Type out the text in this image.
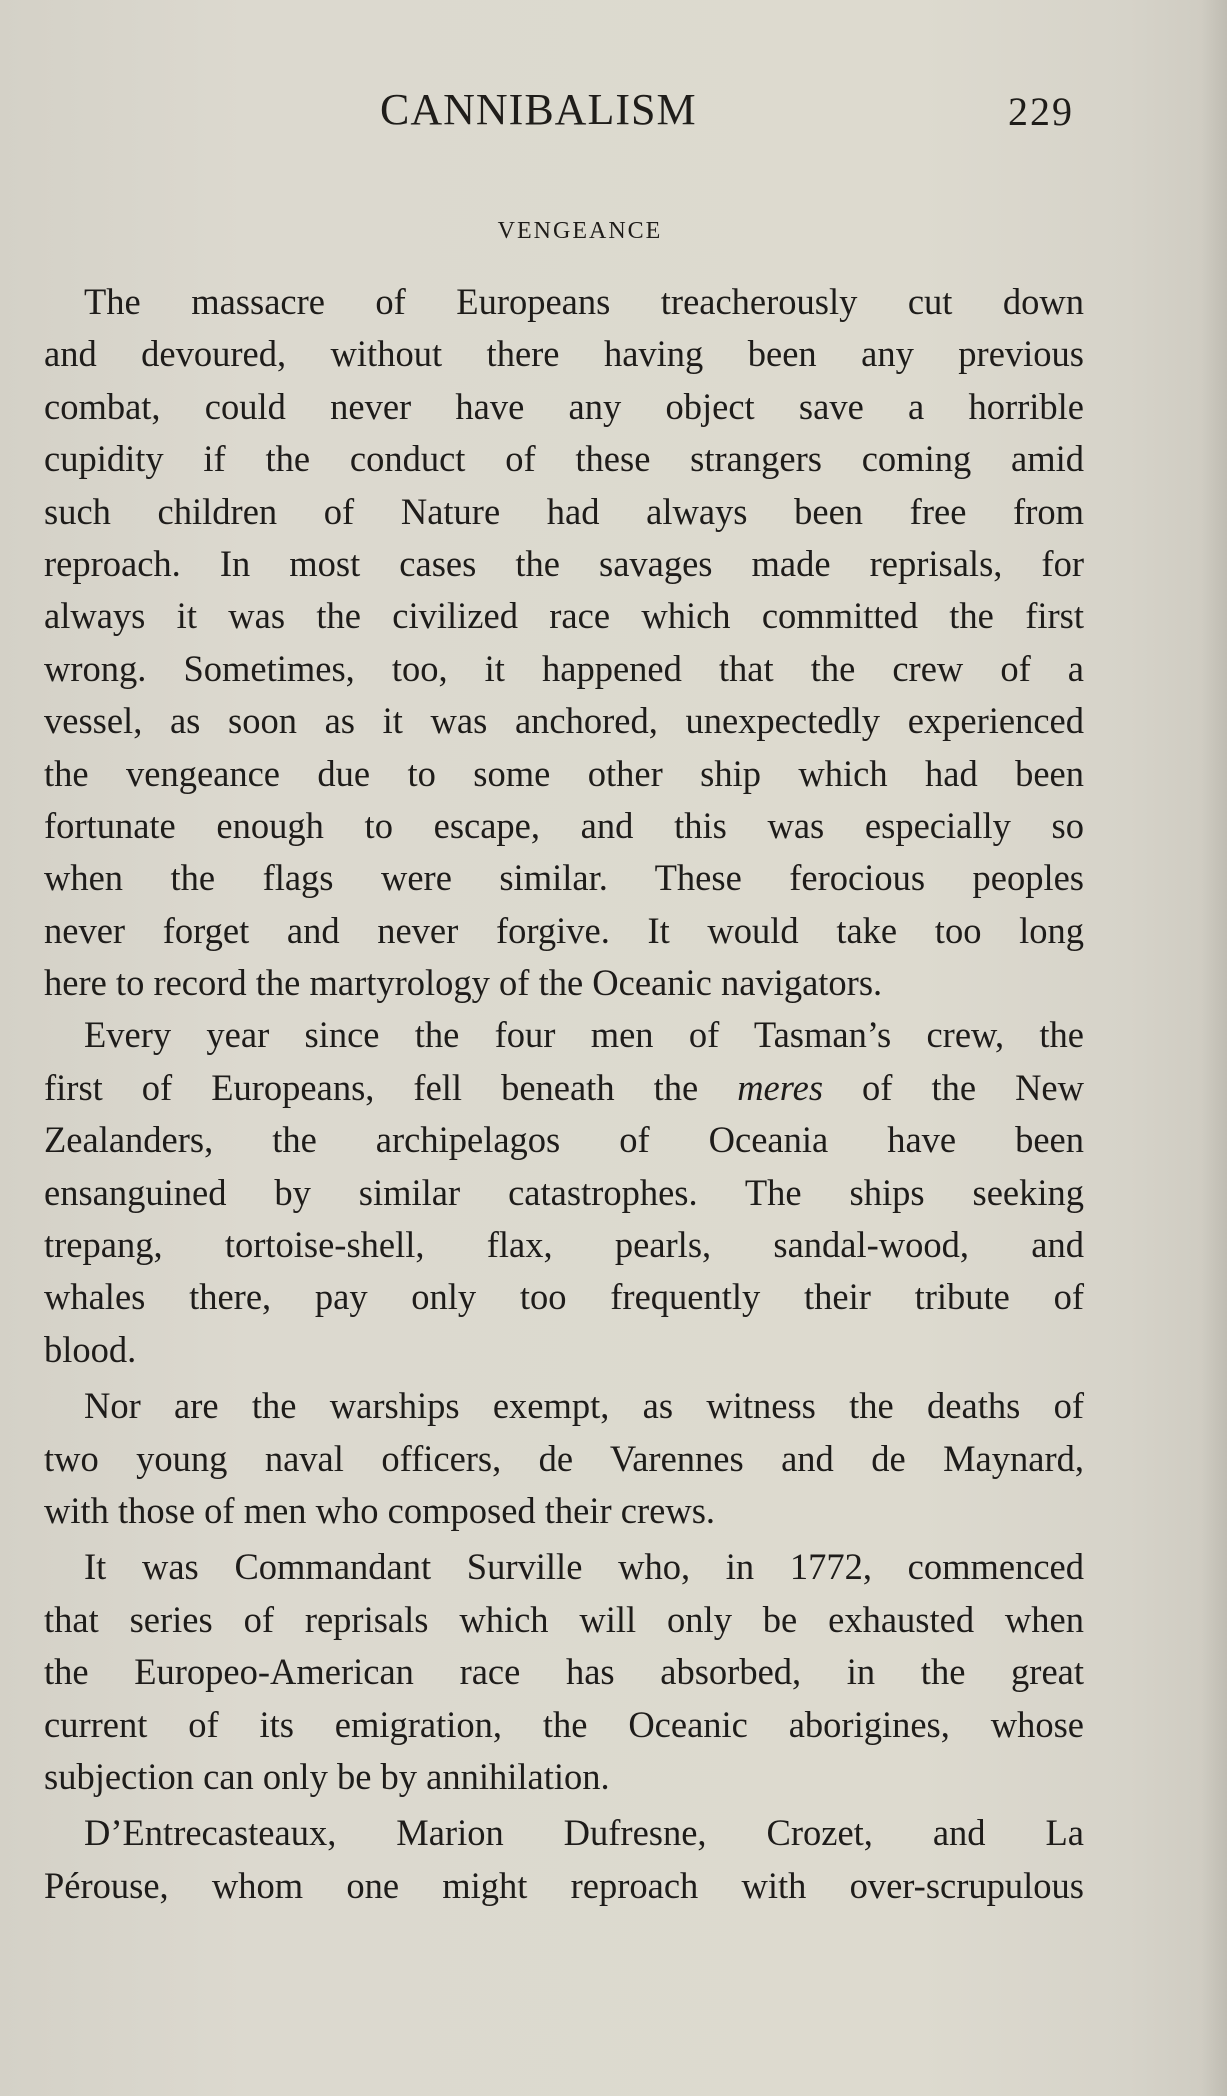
CANNIBALISM	229
VENGEANCE

The massacre of Europeans treacherously cut down
and devoured, without there having been any previous
combat, could never have any object save a horrible
cupidity if the conduct of these strangers coming amid
such children of Nature had always been free from
reproach. In most cases the savages made reprisals, for
always it was the civilized race which committed the first
wrong. Sometimes, too, it happened that the crew of a
vessel, as soon as it was anchored, unexpectedly experienced
the vengeance due to some other ship which had been
fortunate enough to escape, and this was especially so
when the flags were similar. These ferocious peoples
never forget and never forgive. It would take too long
here to record the martyrology of the Oceanic navigators.

Every year since the four men of Tasman’s crew, the
first of Europeans, fell beneath the meres of the New
Zealanders, the archipelagos of Oceania have been
ensanguined by similar catastrophes. The ships seeking
trepang, tortoise-shell, flax, pearls, sandal-wood, and
whales there, pay only too frequently their tribute of
blood.

Nor are the warships exempt, as witness the deaths of
two young naval officers, de Varennes and de Maynard,
with those of men who composed their crews.

It was Commandant Surville who, in 1772, commenced
that series of reprisals which will only be exhausted when
the Europeo-American race has absorbed, in the great
current of its emigration, the Oceanic aborigines, whose
subjection can only be by annihilation.

D’Entrecasteaux, Marion Dufresne, Crozet, and La
Pérouse, whom one might reproach with over-scrupulous
